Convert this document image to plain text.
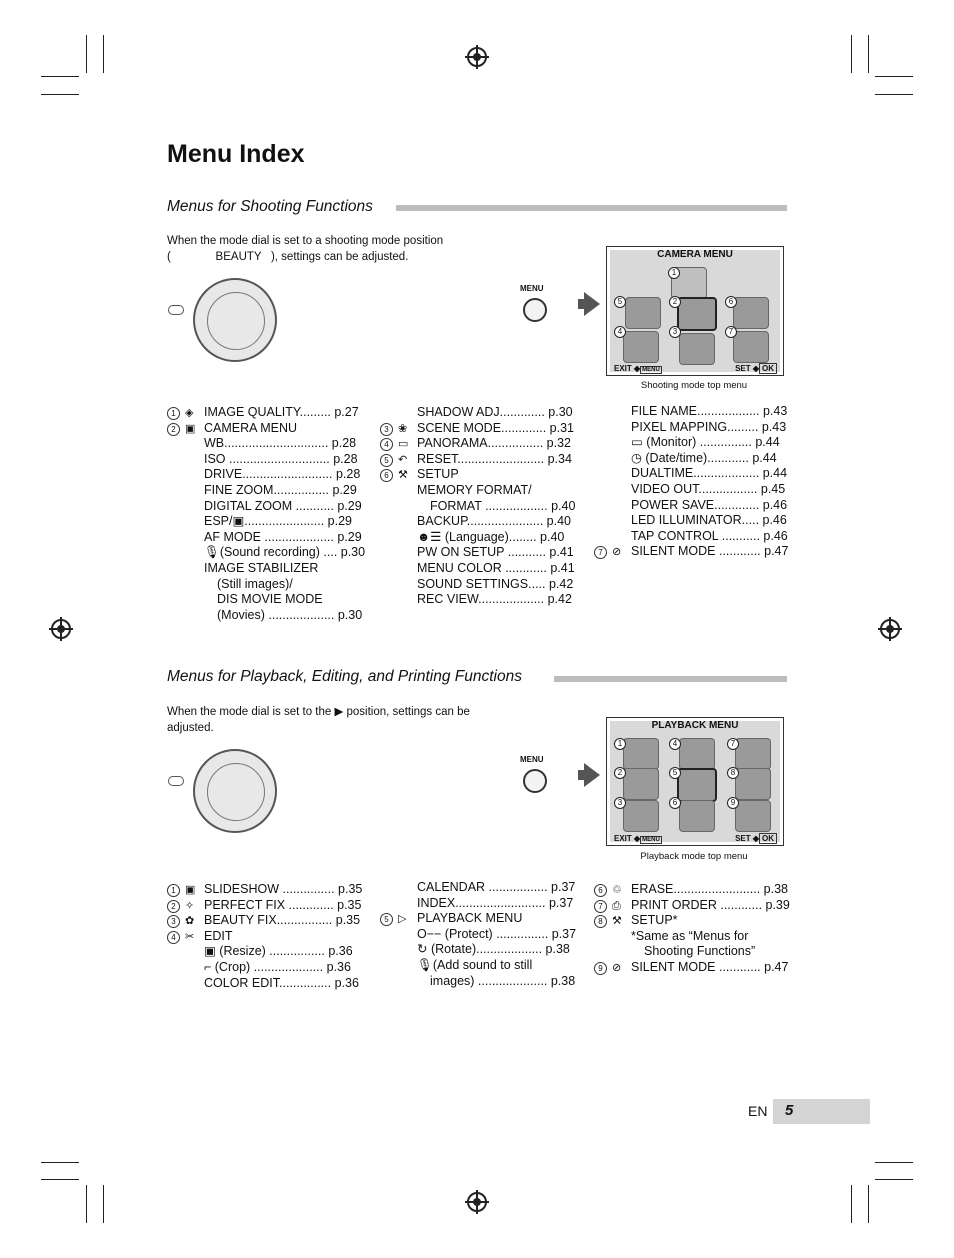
Menu Index
Menus for Shooting Functions
When the mode dial is set to a shooting mode position
(              BEAUTY   ), settings can be adjusted.
MENU
CAMERA MENU
1
2
3
4
5	6
7
EXIT ◆ MENU	SET ◆ OK
Shooting mode top menu
1 ◈ IMAGE QUALITY......... p.27
2 ▣ CAMERA MENU
WB.............................. p.28
ISO ............................. p.28
DRIVE.......................... p.28
FINE ZOOM................ p.29
DIGITAL ZOOM ........... p.29
ESP/▣....................... p.29
AF MODE .................... p.29
🎙(Sound recording) .... p.30
IMAGE STABILIZER
(Still images)/
DIS MOVIE MODE
(Movies) ................... p.30
SHADOW ADJ............. p.30
3 ❀ SCENE MODE............. p.31
4 ▭ PANORAMA................ p.32
5 ↶ RESET......................... p.34
6 ⚒ SETUP
MEMORY FORMAT/
FORMAT .................. p.40
BACKUP...................... p.40
☻☰ (Language)........ p.40
PW ON SETUP ........... p.41
MENU COLOR ............ p.41
SOUND SETTINGS..... p.42
REC VIEW................... p.42
FILE NAME.................. p.43
PIXEL MAPPING......... p.43
▭ (Monitor) ............... p.44
◷ (Date/time)............ p.44
DUALTIME................... p.44
VIDEO OUT................. p.45
POWER SAVE............. p.46
LED ILLUMINATOR..... p.46
TAP CONTROL ........... p.46
7 ⊘ SILENT MODE ............ p.47
Menus for Playback, Editing, and Printing Functions
When the mode dial is set to the ▶ position, settings can be
adjusted.
MENU
PLAYBACK MENU
1
2
3
4
5
6
7
8
9
EXIT ◆ MENU	SET ◆ OK
Playback mode top menu
1 ▣ SLIDESHOW ............... p.35
2 ✧ PERFECT FIX ............. p.35
3 ✿ BEAUTY FIX................ p.35
4 ✂ EDIT
▣ (Resize) ................ p.36
⌐ (Crop) .................... p.36
COLOR EDIT............... p.36
CALENDAR ................. p.37
INDEX.......................... p.37
5 ▷ PLAYBACK MENU
O−− (Protect) ............... p.37
↻ (Rotate)................... p.38
🎙(Add sound to still
images) .................... p.38
6 ♲ ERASE......................... p.38
7 ⎙ PRINT ORDER ............ p.39
8 ⚒ SETUP*
*Same as “Menus for
Shooting Functions”
9 ⊘ SILENT MODE ............ p.47
EN 5
